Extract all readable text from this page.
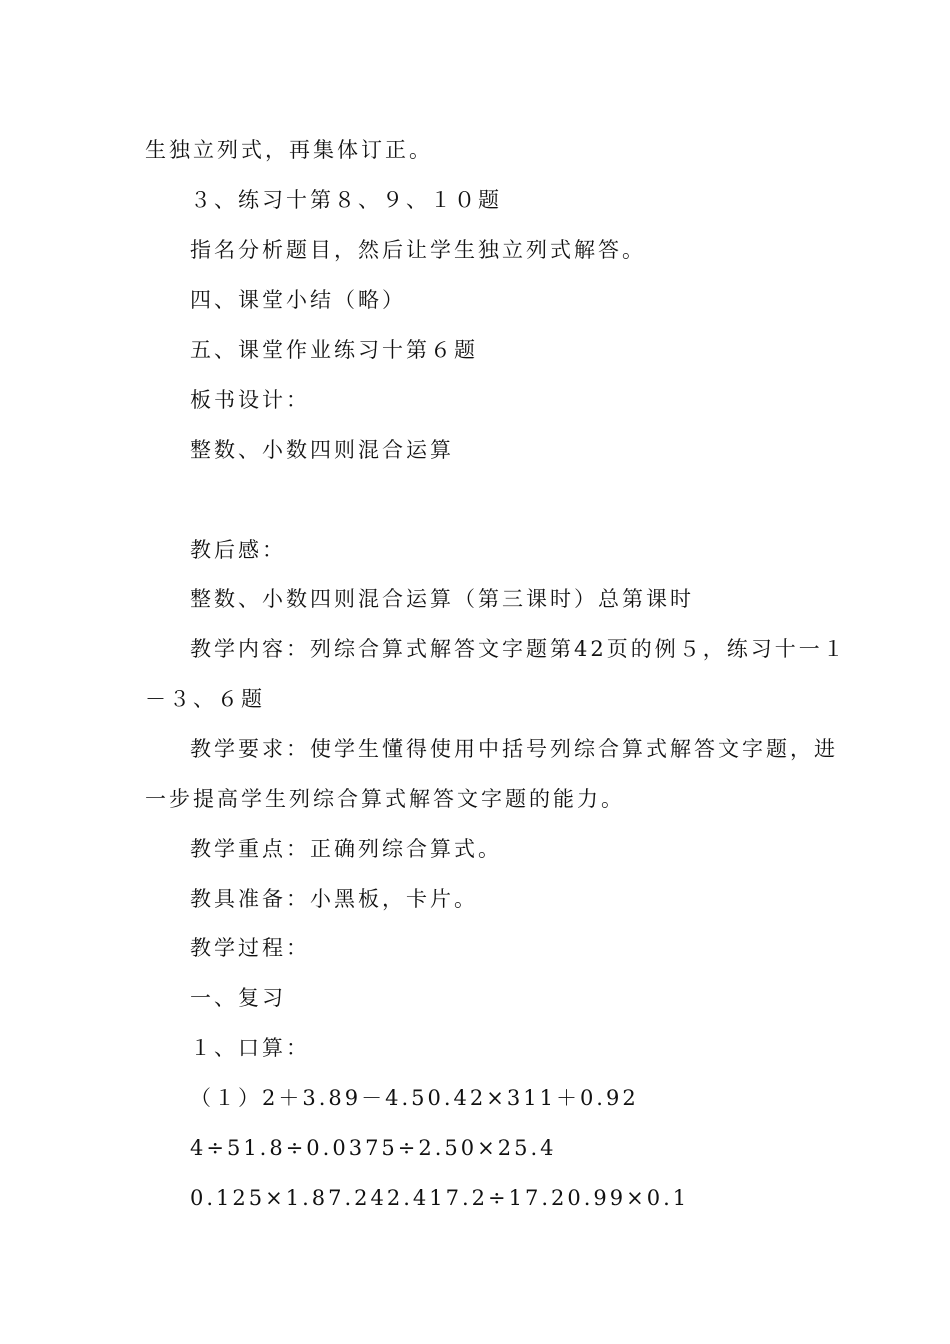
生独立列式，再集体订正。
３、练习十第８、９、１０题
指名分析题目，然后让学生独立列式解答。
四、课堂小结（略）
五、课堂作业练习十第６题
板书设计：
整数、小数四则混合运算
教后感：
整数、小数四则混合运算（第三课时）总第课时
教学内容：列综合算式解答文字题第42页的例５，练习十一１
－３、６题
教学要求：使学生懂得使用中括号列综合算式解答文字题，进
一步提高学生列综合算式解答文字题的能力。
教学重点：正确列综合算式。
教具准备：小黑板，卡片。
教学过程：
一、复习
１、口算：
（１）2＋3.89－4.50.42×311＋0.92
4÷51.8÷0.0375÷2.50×25.4
0.125×1.87.242.417.2÷17.20.99×0.1
